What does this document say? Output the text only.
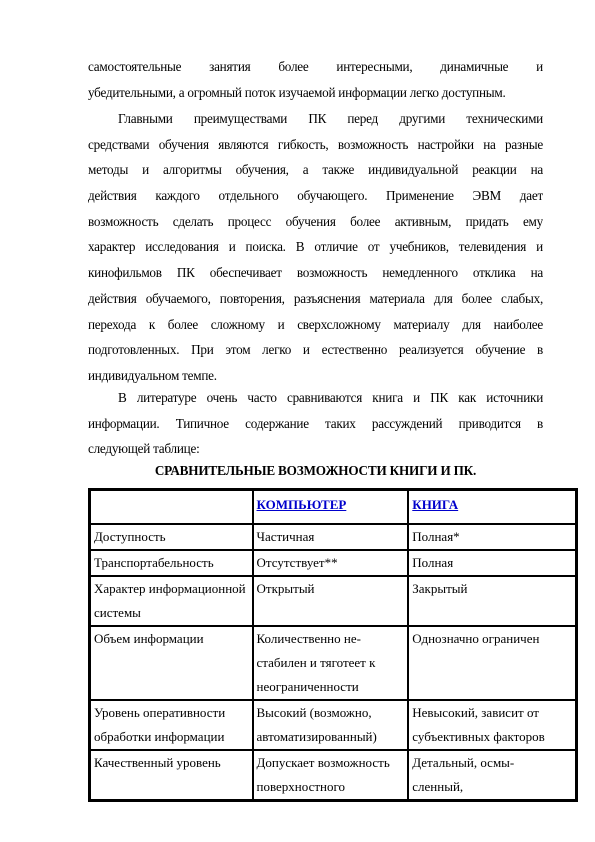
самостоятельные занятия более интересными, динамичные и
убедительными, а огромный поток изучаемой информации легко доступным.
Главными преимуществами ПК перед другими техническими
средствами обучения являются гибкость, возможность настройки на разные
методы и алгоритмы обучения, а также индивидуальной реакции на
действия каждого отдельного обучающего. Применение ЭВМ дает
возможность сделать процесс обучения более активным, придать ему
характер исследования и поиска. В отличие от учебников, телевидения и
кинофильмов ПК обеспечивает возможность немедленного отклика на
действия обучаемого, повторения, разъяснения материала для более слабых,
перехода к более сложному и сверхсложному материалу для наиболее
подготовленных. При этом легко и естественно реализуется обучение в
индивидуальном темпе.
В литературе очень часто сравниваются книга и ПК как источники
информации. Типичное содержание таких рассуждений приводится в
следующей таблице:

СРАВНИТЕЛЬНЫЕ ВОЗМОЖНОСТИ КНИГИ И ПК.

	КОМПЬЮТЕР	КНИГА

Доступность	Частичная	Полная*

Транспортабельность	Отсутствует**	Полная

Характер информационной
системы	Открытый	Закрытый

Объем информации	Количественно не-
стабилен и тяготеет к
неограниченности	Однозначно ограничен

Уровень оперативности
обработки информации	Высокий (возможно,
автоматизированный)	Невысокий, зависит от
субъективных факторов

Качественный уровень	Допускает возможность
поверхностного	Детальный, осмы-
сленный,
